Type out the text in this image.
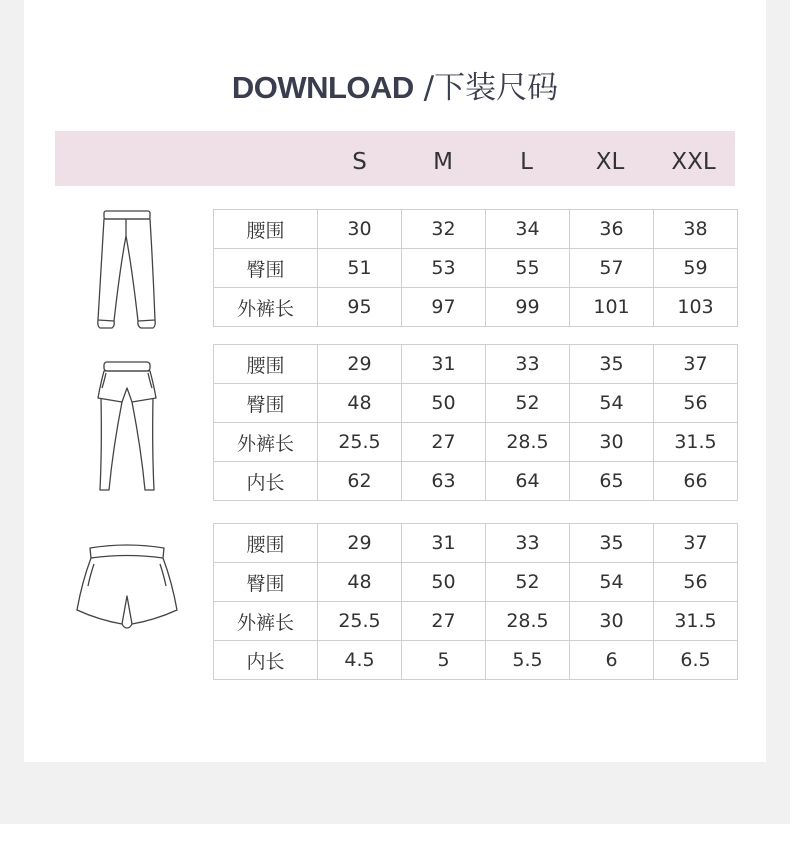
DOWNLOAD /下装尺码
S	M	L	XL	XXL
腰围	30	32	34	36	38
臀围	51	53	55	57	59
外裤长	95	97	99	101	103
腰围	29	31	33	35	37
臀围	48	50	52	54	56
外裤长	25.5	27	28.5	30	31.5
内长	62	63	64	65	66
腰围	29	31	33	35	37
臀围	48	50	52	54	56
外裤长	25.5	27	28.5	30	31.5
内长	4.5	5	5.5	6	6.5
